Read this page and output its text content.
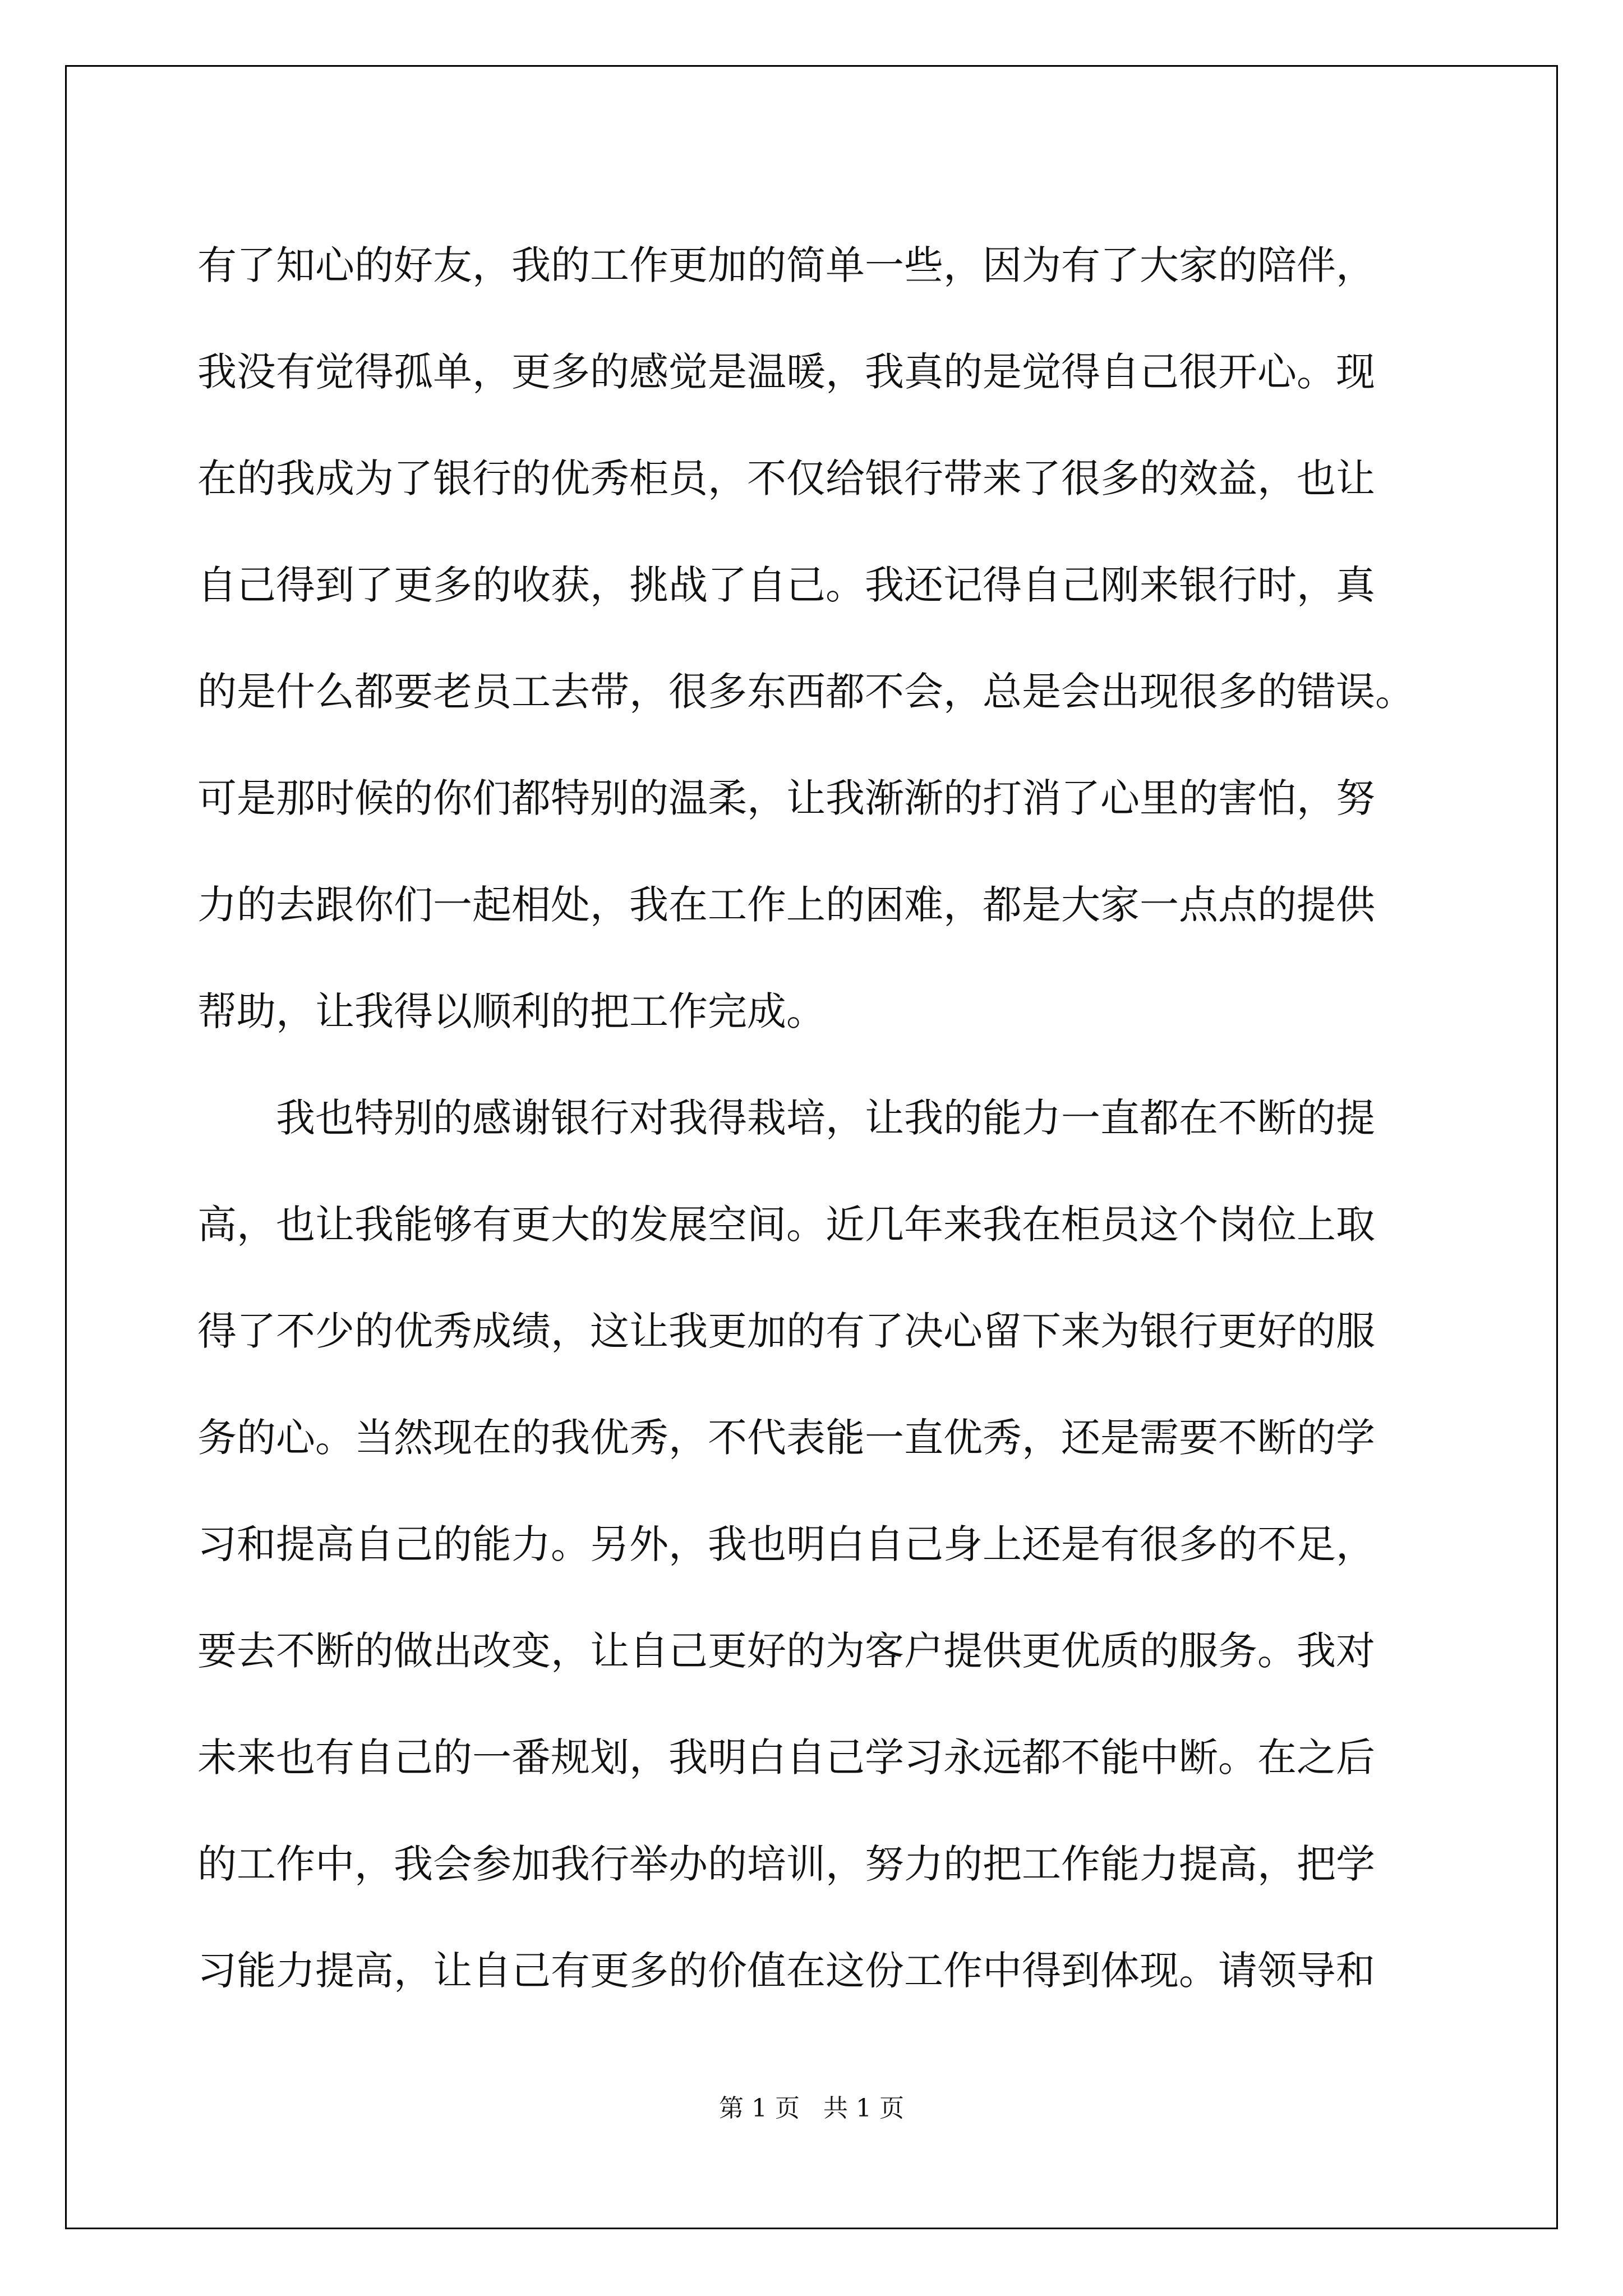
有了知心的好友，我的工作更加的简单一些，因为有了大家的陪伴，
我没有觉得孤单，更多的感觉是温暖，我真的是觉得自己很开心。现
在的我成为了银行的优秀柜员，不仅给银行带来了很多的效益，也让
自己得到了更多的收获，挑战了自己。我还记得自己刚来银行时，真
的是什么都要老员工去带，很多东西都不会，总是会出现很多的错误。
可是那时候的你们都特别的温柔，让我渐渐的打消了心里的害怕，努
力的去跟你们一起相处，我在工作上的困难，都是大家一点点的提供
帮助，让我得以顺利的把工作完成。
我也特别的感谢银行对我得栽培，让我的能力一直都在不断的提
高，也让我能够有更大的发展空间。近几年来我在柜员这个岗位上取
得了不少的优秀成绩，这让我更加的有了决心留下来为银行更好的服
务的心。当然现在的我优秀，不代表能一直优秀，还是需要不断的学
习和提高自己的能力。另外，我也明白自己身上还是有很多的不足，
要去不断的做出改变，让自己更好的为客户提供更优质的服务。我对
未来也有自己的一番规划，我明白自己学习永远都不能中断。在之后
的工作中，我会参加我行举办的培训，努力的把工作能力提高，把学
习能力提高，让自己有更多的价值在这份工作中得到体现。请领导和
第 1 页   共 1 页
